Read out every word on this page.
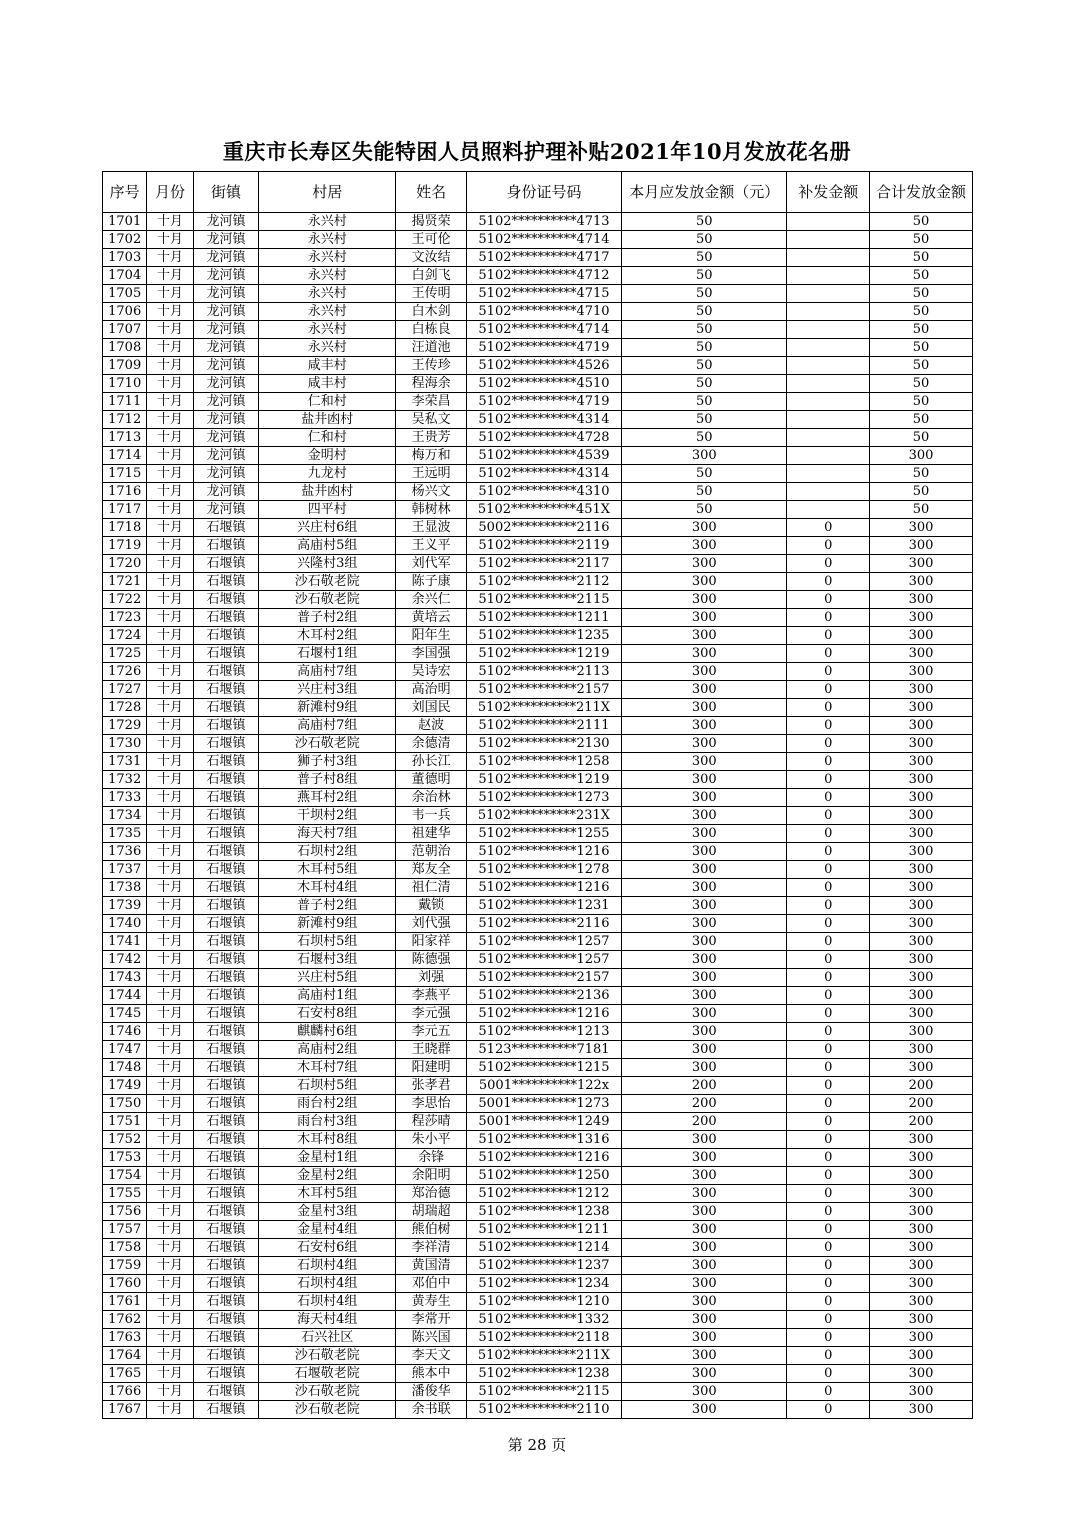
重庆市长寿区失能特困人员照料护理补贴2021年10月发放花名册
序号	月份	街镇	村居	姓名	身份证号码	本月应发放金额（元）	补发金额	合计发放金额
1701	十月	龙河镇	永兴村	揭贤荣	5102**********4713	50		50
1702	十月	龙河镇	永兴村	王可伦	5102**********4714	50		50
1703	十月	龙河镇	永兴村	文汝结	5102**********4717	50		50
1704	十月	龙河镇	永兴村	白剑飞	5102**********4712	50		50
1705	十月	龙河镇	永兴村	王传明	5102**********4715	50		50
1706	十月	龙河镇	永兴村	白木剑	5102**********4710	50		50
1707	十月	龙河镇	永兴村	白栋良	5102**********4714	50		50
1708	十月	龙河镇	永兴村	汪道池	5102**********4719	50		50
1709	十月	龙河镇	咸丰村	王传珍	5102**********4526	50		50
1710	十月	龙河镇	咸丰村	程海余	5102**********4510	50		50
1711	十月	龙河镇	仁和村	李荣昌	5102**********4719	50		50
1712	十月	龙河镇	盐井凼村	吴私文	5102**********4314	50		50
1713	十月	龙河镇	仁和村	王贵芳	5102**********4728	50		50
1714	十月	龙河镇	金明村	梅万和	5102**********4539	300		300
1715	十月	龙河镇	九龙村	王远明	5102**********4314	50		50
1716	十月	龙河镇	盐井凼村	杨兴文	5102**********4310	50		50
1717	十月	龙河镇	四平村	韩树林	5102**********451X	50		50
1718	十月	石堰镇	兴庄村6组	王显波	5002**********2116	300	0	300
1719	十月	石堰镇	高庙村5组	王义平	5102**********2119	300	0	300
1720	十月	石堰镇	兴隆村3组	刘代军	5102**********2117	300	0	300
1721	十月	石堰镇	沙石敬老院	陈子康	5102**********2112	300	0	300
1722	十月	石堰镇	沙石敬老院	余兴仁	5102**********2115	300	0	300
1723	十月	石堰镇	普子村2组	黄培云	5102**********1211	300	0	300
1724	十月	石堰镇	木耳村2组	阳年生	5102**********1235	300	0	300
1725	十月	石堰镇	石堰村1组	李国强	5102**********1219	300	0	300
1726	十月	石堰镇	高庙村7组	吴诗宏	5102**********2113	300	0	300
1727	十月	石堰镇	兴庄村3组	高治明	5102**********2157	300	0	300
1728	十月	石堰镇	新滩村9组	刘国民	5102**********211X	300	0	300
1729	十月	石堰镇	高庙村7组	赵波	5102**********2111	300	0	300
1730	十月	石堰镇	沙石敬老院	余德清	5102**********2130	300	0	300
1731	十月	石堰镇	狮子村3组	孙长江	5102**********1258	300	0	300
1732	十月	石堰镇	普子村8组	董德明	5102**********1219	300	0	300
1733	十月	石堰镇	燕耳村2组	余治林	5102**********1273	300	0	300
1734	十月	石堰镇	干坝村2组	韦一兵	5102**********231X	300	0	300
1735	十月	石堰镇	海天村7组	祖建华	5102**********1255	300	0	300
1736	十月	石堰镇	石坝村2组	范朝治	5102**********1216	300	0	300
1737	十月	石堰镇	木耳村5组	郑友全	5102**********1278	300	0	300
1738	十月	石堰镇	木耳村4组	祖仁清	5102**********1216	300	0	300
1739	十月	石堰镇	普子村2组	戴锁	5102**********1231	300	0	300
1740	十月	石堰镇	新滩村9组	刘代强	5102**********2116	300	0	300
1741	十月	石堰镇	石坝村5组	阳家祥	5102**********1257	300	0	300
1742	十月	石堰镇	石堰村3组	陈德强	5102**********1257	300	0	300
1743	十月	石堰镇	兴庄村5组	刘强	5102**********2157	300	0	300
1744	十月	石堰镇	高庙村1组	李燕平	5102**********2136	300	0	300
1745	十月	石堰镇	石安村8组	李元强	5102**********1216	300	0	300
1746	十月	石堰镇	麒麟村6组	李元五	5102**********1213	300	0	300
1747	十月	石堰镇	高庙村2组	王晓群	5123**********7181	300	0	300
1748	十月	石堰镇	木耳村7组	阳建明	5102**********1215	300	0	300
1749	十月	石堰镇	石坝村5组	张孝君	5001**********122x	200	0	200
1750	十月	石堰镇	雨台村2组	李思怡	5001**********1273	200	0	200
1751	十月	石堰镇	雨台村3组	程莎晴	5001**********1249	200	0	200
1752	十月	石堰镇	木耳村8组	朱小平	5102**********1316	300	0	300
1753	十月	石堰镇	金星村1组	余锋	5102**********1216	300	0	300
1754	十月	石堰镇	金星村2组	余阳明	5102**********1250	300	0	300
1755	十月	石堰镇	木耳村5组	郑治德	5102**********1212	300	0	300
1756	十月	石堰镇	金星村3组	胡瑞超	5102**********1238	300	0	300
1757	十月	石堰镇	金星村4组	熊伯树	5102**********1211	300	0	300
1758	十月	石堰镇	石安村6组	李祥清	5102**********1214	300	0	300
1759	十月	石堰镇	石坝村4组	黄国清	5102**********1237	300	0	300
1760	十月	石堰镇	石坝村4组	邓伯中	5102**********1234	300	0	300
1761	十月	石堰镇	石坝村4组	黄寿生	5102**********1210	300	0	300
1762	十月	石堰镇	海天村4组	李常开	5102**********1332	300	0	300
1763	十月	石堰镇	石兴社区	陈兴国	5102**********2118	300	0	300
1764	十月	石堰镇	沙石敬老院	李天文	5102**********211X	300	0	300
1765	十月	石堰镇	石堰敬老院	熊本中	5102**********1238	300	0	300
1766	十月	石堰镇	沙石敬老院	潘俊华	5102**********2115	300	0	300
1767	十月	石堰镇	沙石敬老院	余书联	5102**********2110	300	0	300
第 28 页
